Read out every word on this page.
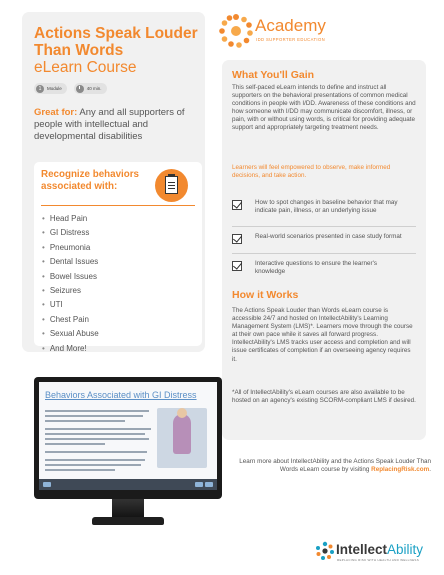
Actions Speak Louder Than Words
eLearn Course
1	Module	40 min.
Great for: Any and all supporters of people with intellectual and developmental disabilities
Recognize behaviors associated with:
• Head Pain
• GI Distress
• Pneumonia
• Dental Issues
• Bowel Issues
• Seizures
• UTI
• Chest Pain
• Sexual Abuse
• And More!
Academy
IDD SUPPORTER EDUCATION
What You'll Gain
This self-paced eLearn intends to define and instruct all supporters on the behavioral presentations of common medical conditions in people with I/DD. Awareness of these conditions and how someone with I/DD may communicate discomfort, illness, or pain, with or without using words, is critical for providing adequate support and appropriately targeting treatment needs.
Learners will feel empowered to observe, make informed decisions, and take action.
How to spot changes in baseline behavior that may indicate pain, illness, or an underlying issue
Real-world scenarios presented in case study format
Interactive questions to ensure the learner's knowledge
How it Works
The Actions Speak Louder than Words eLearn course is accessible 24/7 and hosted on IntellectAbility's Learning Management System (LMS)*. Learners move through the course at their own pace while it saves all forward progress. IntellectAbility's LMS tracks user access and completion and will issue certificates of completion if an overseeing agency requires it.
*All of IntellectAbility's eLearn courses are also available to be hosted on an agency's existing SCORM-compliant LMS if desired.
Behaviors Associated with GI Distress
Learn more about IntellectAbility and the Actions Speak Louder Than Words eLearn course by visiting ReplacingRisk.com.
IntellectAbility
REPLACING RISK WITH HEALTH AND WELLNESS
